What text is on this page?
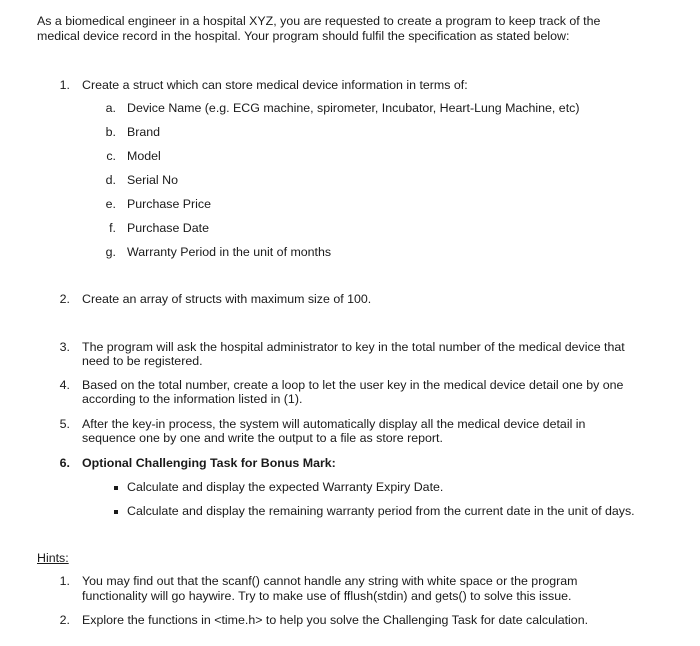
As a biomedical engineer in a hospital XYZ, you are requested to create a program to keep track of the
medical device record in the hospital. Your program should fulfil the specification as stated below:
1. Create a struct which can store medical device information in terms of:
a. Device Name (e.g. ECG machine, spirometer, Incubator, Heart-Lung Machine, etc)
b. Brand
c. Model
d. Serial No
e. Purchase Price
f. Purchase Date
g. Warranty Period in the unit of months
2. Create an array of structs with maximum size of 100.
3. The program will ask the hospital administrator to key in the total number of the medical device that
need to be registered.
4. Based on the total number, create a loop to let the user key in the medical device detail one by one
according to the information listed in (1).
5. After the key-in process, the system will automatically display all the medical device detail in
sequence one by one and write the output to a file as store report.
6. Optional Challenging Task for Bonus Mark:
Calculate and display the expected Warranty Expiry Date.
Calculate and display the remaining warranty period from the current date in the unit of days.
Hints:
1. You may find out that the scanf() cannot handle any string with white space or the program
functionality will go haywire. Try to make use of fflush(stdin) and gets() to solve this issue.
2. Explore the functions in <time.h> to help you solve the Challenging Task for date calculation.
